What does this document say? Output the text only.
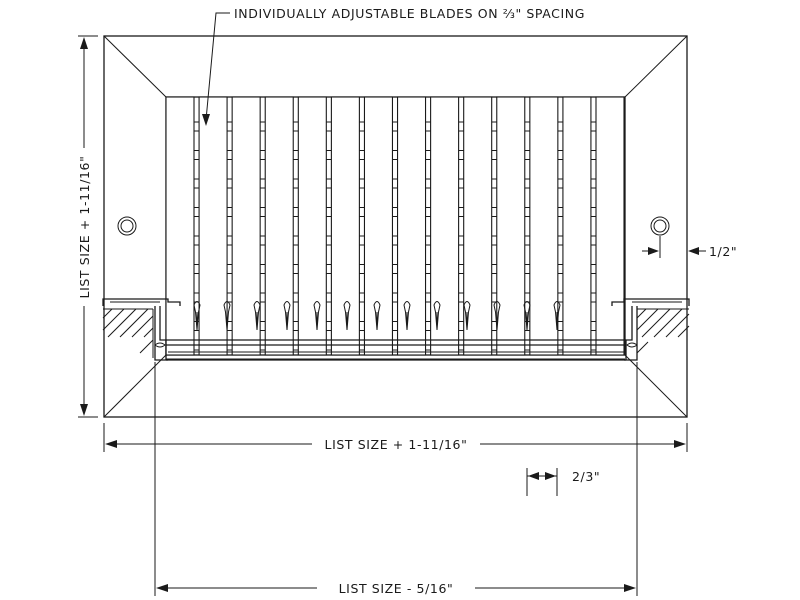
INDIVIDUALLY ADJUSTABLE BLADES ON ⅔" SPACING
LIST SIZE + 1-11/16"
LIST SIZE + 1-11/16"
1/2"
2/3"
LIST SIZE - 5/16"
